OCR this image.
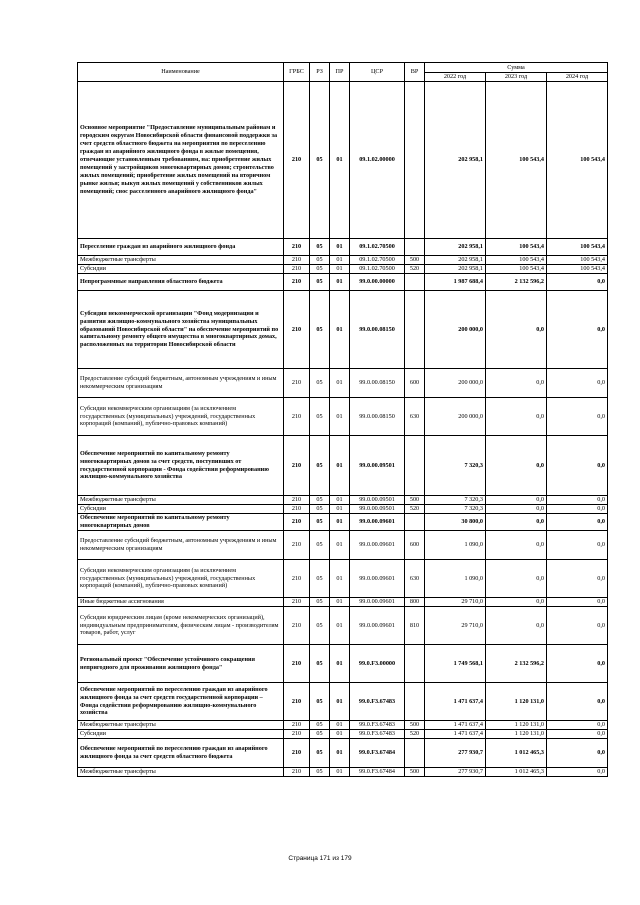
Наименование	ГРБС	РЗ	ПР	ЦСР	ВР	Сумма		
						2022 год	2023 год	2024 год
Основное мероприятие "Предоставление муниципальным районам и городским округам Новосибирской области финансовой поддержки за счет средств областного бюджета на мероприятия по переселению граждан из аварийного жилищного фонда в жилые помещения, отвечающие установленным требованиям, на: приобретение жилых помещений у застройщиков многоквартирных домов; строительство жилых помещений; приобретение жилых помещений на вторичном рынке жилья; выкуп жилых помещений у собственников жилых помещений; снос расселенного аварийного жилищного фонда"	210	05	01	09.1.02.00000		202 958,1	100 543,4	100 543,4
Переселение граждан из аварийного жилищного фонда	210	05	01	09.1.02.70500		202 958,1	100 543,4	100 543,4
Межбюджетные трансферты	210	05	01	09.1.02.70500	500	202 958,1	100 543,4	100 543,4
Субсидии	210	05	01	09.1.02.70500	520	202 958,1	100 543,4	100 543,4
Непрограммные направления областного бюджета	210	05	01	99.0.00.00000		1 987 688,4	2 132 596,2	0,0
Субсидия некоммерческой организации "Фонд модернизации и развития жилищно-коммунального хозяйства муниципальных образований Новосибирской области" на обеспечение мероприятий по капитальному ремонту общего имущества в многоквартирных домах, расположенных на территории Новосибирской области	210	05	01	99.0.00.08150		200 000,0	0,0	0,0
Предоставление субсидий бюджетным, автономным учреждениям и иным некоммерческим организациям	210	05	01	99.0.00.08150	600	200 000,0	0,0	0,0
Субсидии некоммерческим организациям (за исключением государственных (муниципальных) учреждений, государственных корпораций (компаний), публично-правовых компаний)	210	05	01	99.0.00.08150	630	200 000,0	0,0	0,0
Обеспечение мероприятий по капитальному ремонту многоквартирных домов за счет средств, поступивших от государственной корпорации - Фонда содействия реформированию жилищно-коммунального хозяйства	210	05	01	99.0.00.09501		7 320,3	0,0	0,0
Межбюджетные трансферты	210	05	01	99.0.00.09501	500	7 320,3	0,0	0,0
Субсидии	210	05	01	99.0.00.09501	520	7 320,3	0,0	0,0
Обеспечение мероприятий по капитальному ремонту многоквартирных домов	210	05	01	99.0.00.09601		30 800,0	0,0	0,0
Предоставление субсидий бюджетным, автономным учреждениям и иным некоммерческим организациям	210	05	01	99.0.00.09601	600	1 090,0	0,0	0,0
Субсидии некоммерческим организациям (за исключением государственных (муниципальных) учреждений, государственных корпораций (компаний), публично-правовых компаний)	210	05	01	99.0.00.09601	630	1 090,0	0,0	0,0
Иные бюджетные ассигнования	210	05	01	99.0.00.09601	800	29 710,0	0,0	0,0
Субсидии юридическим лицам (кроме некоммерческих организаций), индивидуальным предпринимателям, физическим лицам - производителям товаров, работ, услуг	210	05	01	99.0.00.09601	810	29 710,0	0,0	0,0
Региональный проект "Обеспечение устойчивого сокращения непригодного для проживания жилищного фонда"	210	05	01	99.0.F3.00000		1 749 568,1	2 132 596,2	0,0
Обеспечение мероприятий по переселению граждан из аварийного жилищного фонда за счет средств государственной корпорации – Фонда содействия реформированию жилищно-коммунального хозяйства	210	05	01	99.0.F3.67483		1 471 637,4	1 120 131,0	0,0
Межбюджетные трансферты	210	05	01	99.0.F3.67483	500	1 471 637,4	1 120 131,0	0,0
Субсидии	210	05	01	99.0.F3.67483	520	1 471 637,4	1 120 131,0	0,0
Обеспечение мероприятий по переселению граждан из аварийного жилищного фонда за счет средств областного бюджета	210	05	01	99.0.F3.67484		277 930,7	1 012 465,3	0,0
Межбюджетные трансферты	210	05	01	99.0.F3.67484	500	277 930,7	1 012 465,3	0,0
Страница 171 из 179
